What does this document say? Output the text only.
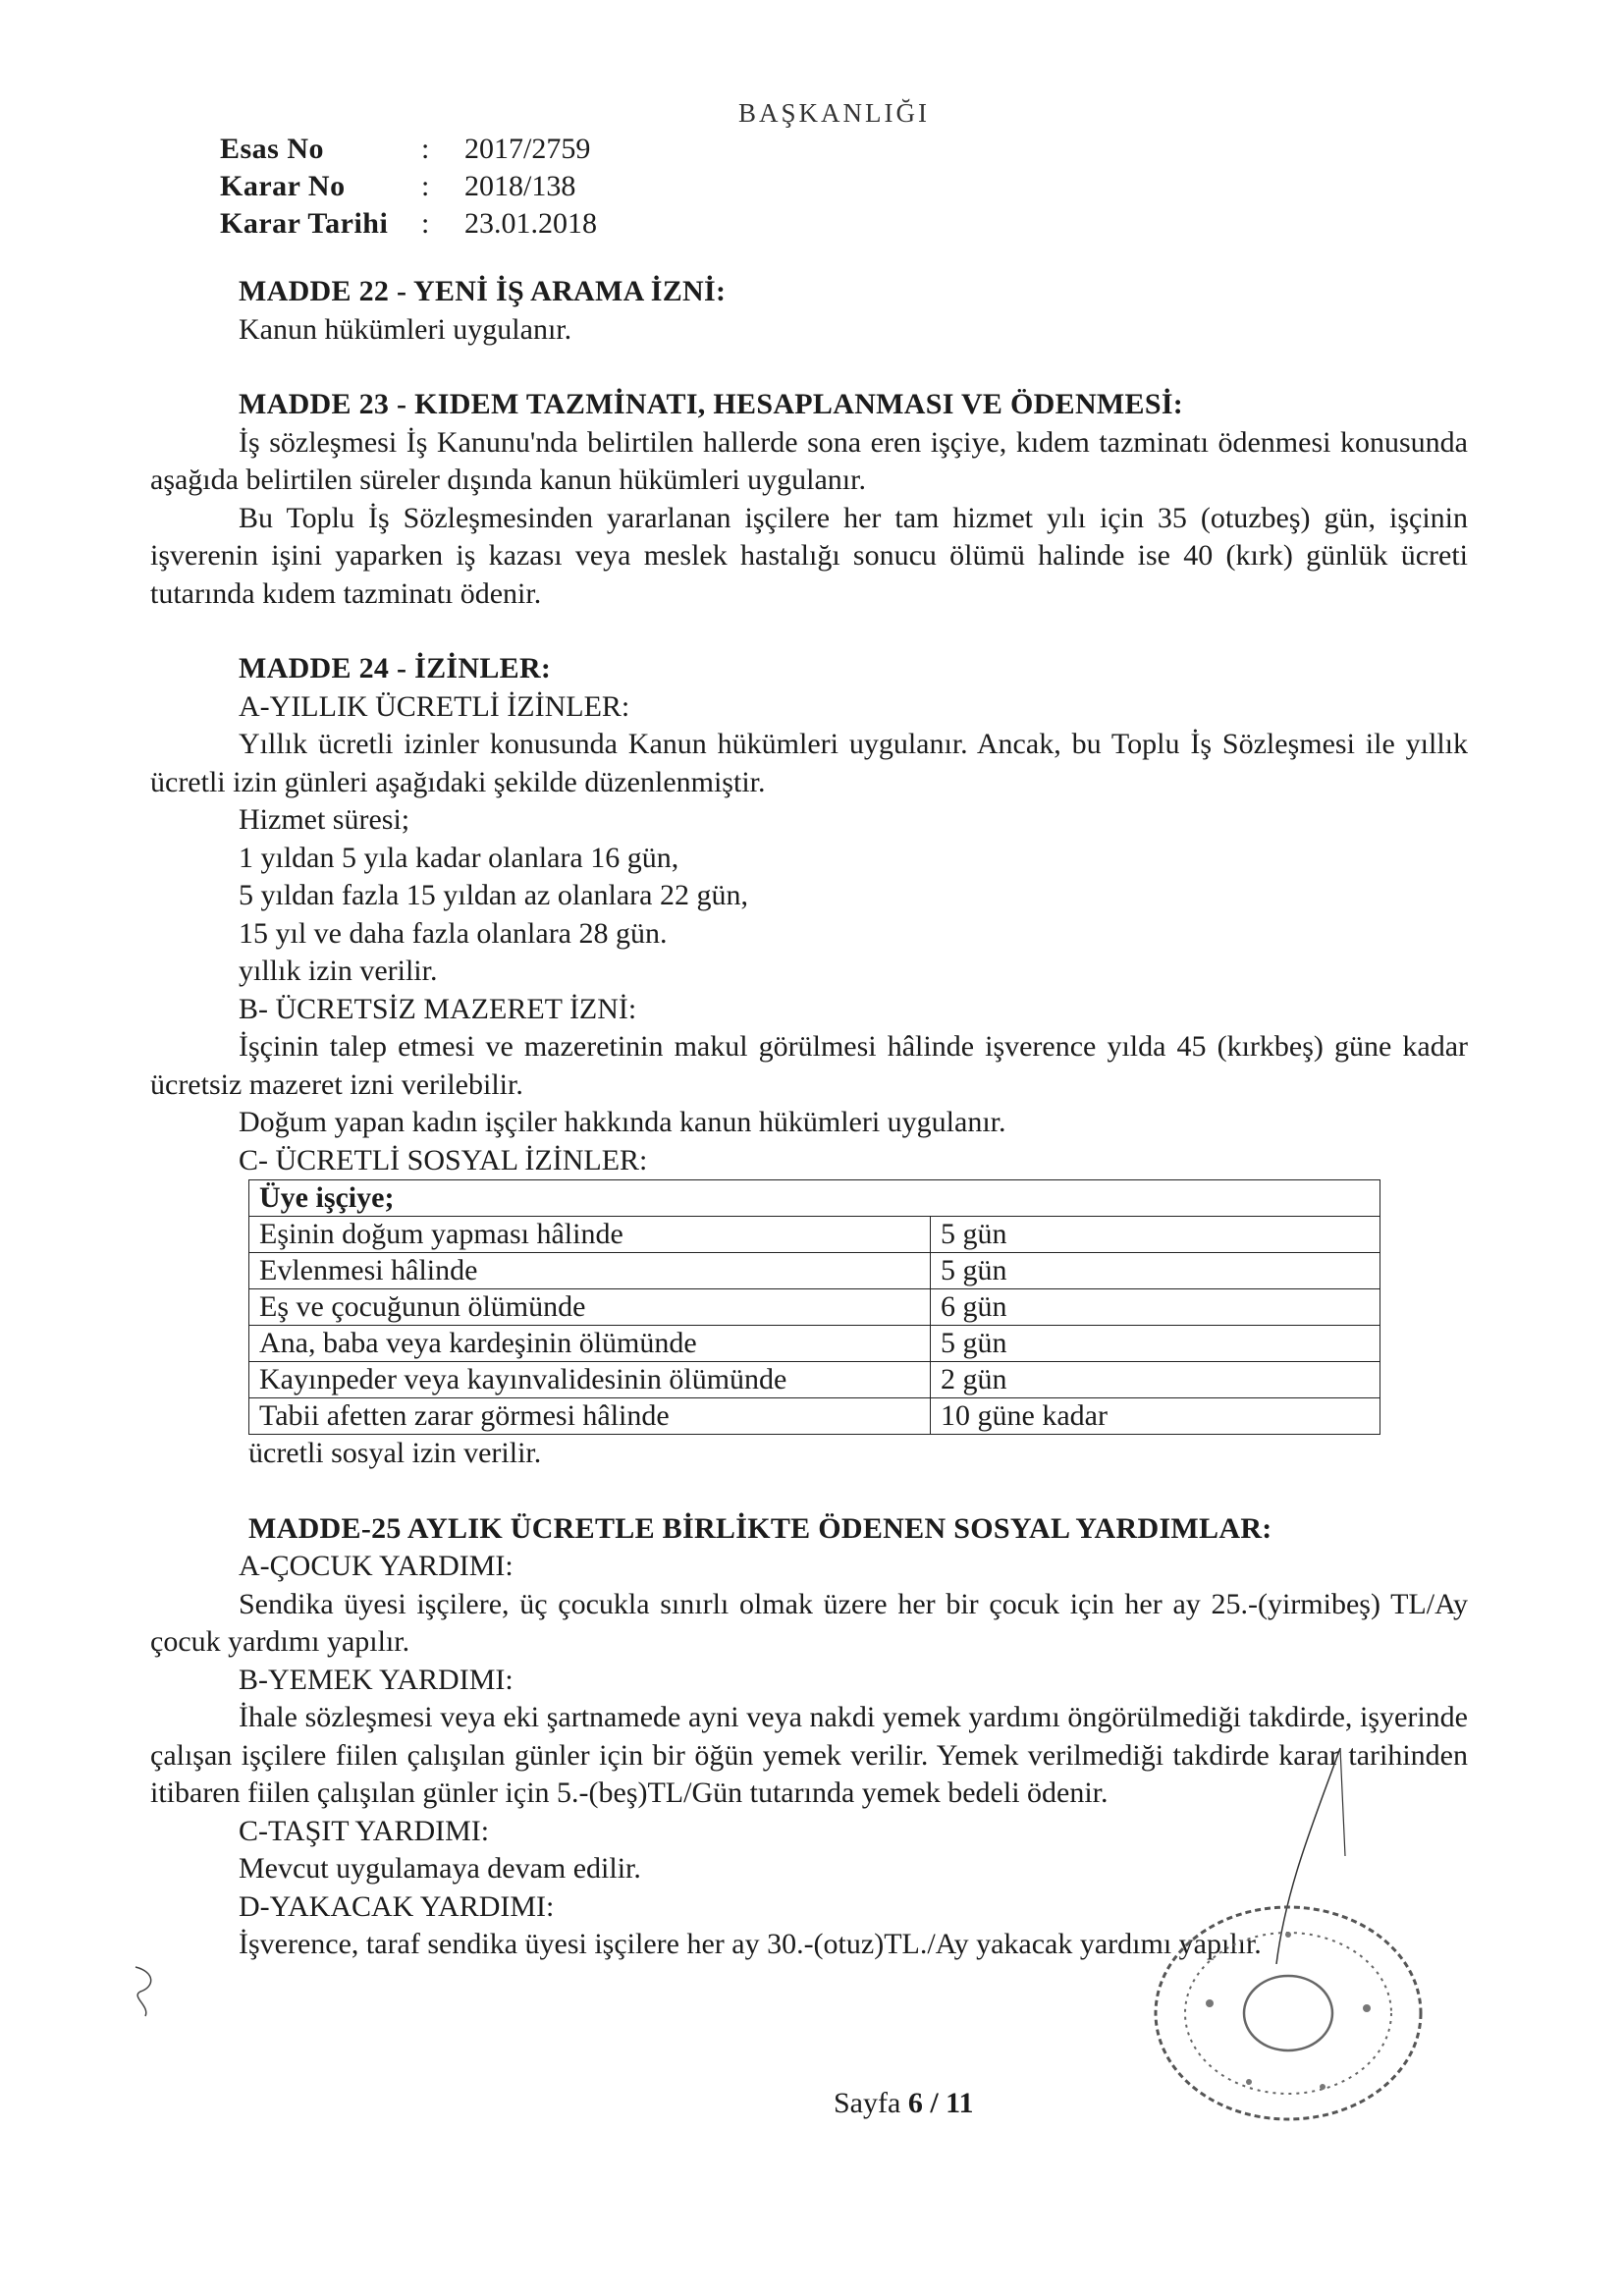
BAŞKANLIĞI
Esas No	:	2017/2759
Karar No	:	2018/138
Karar Tarihi	:	23.01.2018
MADDE 22 - YENİ İŞ ARAMA İZNİ:
Kanun hükümleri uygulanır.
MADDE 23 - KIDEM TAZMİNATI, HESAPLANMASI VE ÖDENMESİ:

İş sözleşmesi İş Kanunu'nda belirtilen hallerde sona eren işçiye, kıdem tazminatı ödenmesi konusunda aşağıda belirtilen süreler dışında kanun hükümleri uygulanır.

Bu Toplu İş Sözleşmesinden yararlanan işçilere her tam hizmet yılı için 35 (otuzbeş) gün, işçinin işverenin işini yaparken iş kazası veya meslek hastalığı sonucu ölümü halinde ise 40 (kırk) günlük ücreti tutarında kıdem tazminatı ödenir.

MADDE 24 - İZİNLER:
A-YILLIK ÜCRETLİ İZİNLER:

Yıllık ücretli izinler konusunda Kanun hükümleri uygulanır. Ancak, bu Toplu İş Sözleşmesi ile yıllık ücretli izin günleri aşağıdaki şekilde düzenlenmiştir.

Hizmet süresi;
1 yıldan 5 yıla kadar olanlara 16 gün,
5 yıldan fazla 15 yıldan az olanlara 22 gün,
15 yıl ve daha fazla olanlara 28 gün.
yıllık izin verilir.
B- ÜCRETSİZ MAZERET İZNİ:

İşçinin talep etmesi ve mazeretinin makul görülmesi hâlinde işverence yılda 45 (kırkbeş) güne kadar ücretsiz mazeret izni verilebilir.

Doğum yapan kadın işçiler hakkında kanun hükümleri uygulanır.
C- ÜCRETLİ SOSYAL İZİNLER:
Üye işçiye;	
Eşinin doğum yapması hâlinde	5 gün
Evlenmesi hâlinde	5 gün
Eş ve çocuğunun ölümünde	6 gün
Ana, baba veya kardeşinin ölümünde	5 gün
Kayınpeder veya kayınvalidesinin ölümünde	2 gün
Tabii afetten zarar görmesi hâlinde	10 güne kadar
ücretli sosyal izin verilir.
MADDE-25 AYLIK ÜCRETLE BİRLİKTE ÖDENEN SOSYAL YARDIMLAR:
A-ÇOCUK YARDIMI:

Sendika üyesi işçilere, üç çocukla sınırlı olmak üzere her bir çocuk için her ay 25.-(yirmibeş) TL/Ay çocuk yardımı yapılır.

B-YEMEK YARDIMI:

İhale sözleşmesi veya eki şartnamede ayni veya nakdi yemek yardımı öngörülmediği takdirde, işyerinde çalışan işçilere fiilen çalışılan günler için bir öğün yemek verilir. Yemek verilmediği takdirde karar tarihinden itibaren fiilen çalışılan günler için 5.-(beş)TL/Gün tutarında yemek bedeli ödenir.

C-TAŞIT YARDIMI:
Mevcut uygulamaya devam edilir.
D-YAKACAK YARDIMI:

İşverence, taraf sendika üyesi işçilere her ay 30.-(otuz)TL./Ay yakacak yardımı yapılır.

Sayfa 6 / 11
